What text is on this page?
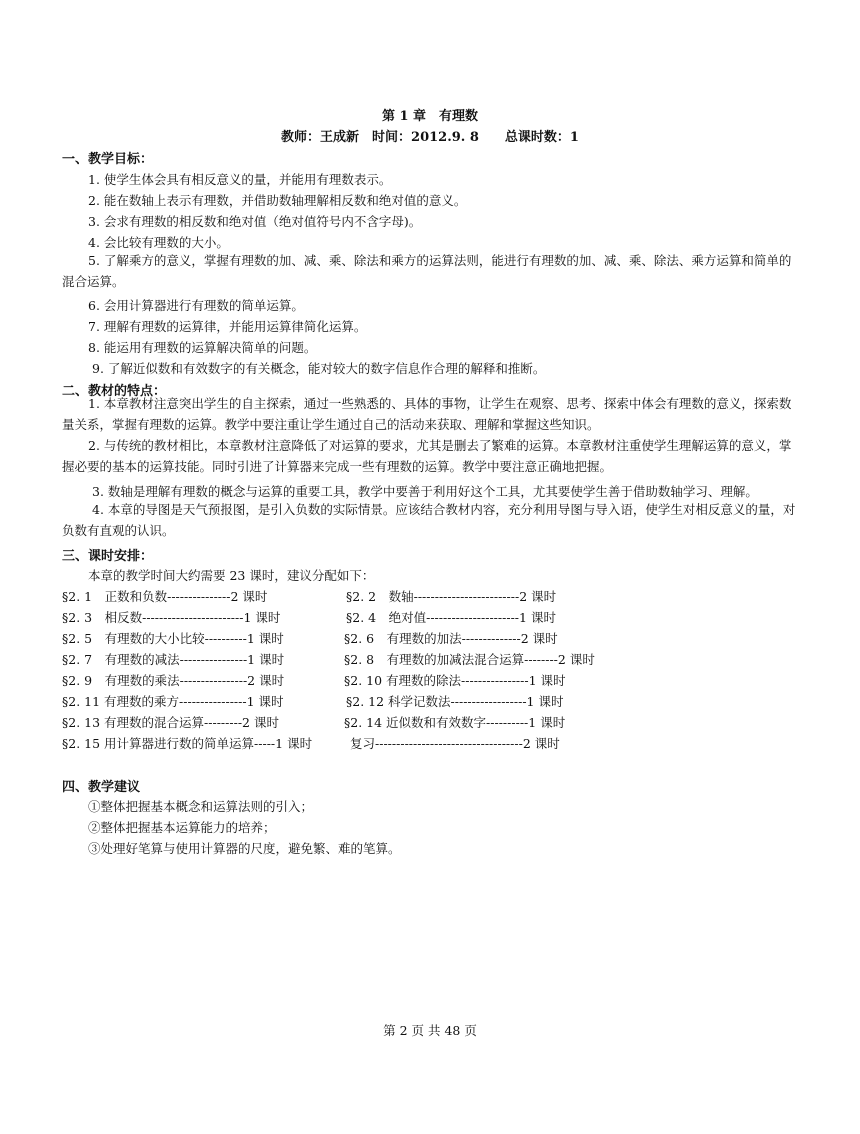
第 1 章　有理数
教师：王成新　时间：2012.9. 8　　总课时数：1
一、教学目标：
1. 使学生体会具有相反意义的量，并能用有理数表示。
2. 能在数轴上表示有理数，并借助数轴理解相反数和绝对值的意义。
3. 会求有理数的相反数和绝对值（绝对值符号内不含字母)。
4. 会比较有理数的大小。
5. 了解乘方的意义，掌握有理数的加、减、乘、除法和乘方的运算法则，能进行有理数的加、减、乘、除法、乘方运算和简单的混合运算。
6. 会用计算器进行有理数的简单运算。
7. 理解有理数的运算律，并能用运算律简化运算。
8. 能运用有理数的运算解决简单的问题。
9. 了解近似数和有效数字的有关概念，能对较大的数字信息作合理的解释和推断。
二、教材的特点：
1. 本章教材注意突出学生的自主探索，通过一些熟悉的、具体的事物，让学生在观察、思考、探索中体会有理数的意义，探索数量关系，掌握有理数的运算。教学中要注重让学生通过自己的活动来获取、理解和掌握这些知识。
2. 与传统的教材相比，本章教材注意降低了对运算的要求，尤其是删去了繁难的运算。本章教材注重使学生理解运算的意义，掌握必要的基本的运算技能。同时引进了计算器来完成一些有理数的运算。教学中要注意正确地把握。
3. 数轴是理解有理数的概念与运算的重要工具，教学中要善于利用好这个工具，尤其要使学生善于借助数轴学习、理解。
4. 本章的导图是天气预报图，是引入负数的实际情景。应该结合教材内容，充分利用导图与导入语，使学生对相反意义的量，对负数有直观的认识。
三、课时安排：
本章的教学时间大约需要 23 课时，建议分配如下：
§2. 1　正数和负数---------------2 课时	§2. 2　数轴-------------------------2 课时
§2. 3　相反数------------------------1 课时	§2. 4　绝对值----------------------1 课时
§2. 5　有理数的大小比较----------1 课时	§2. 6　有理数的加法--------------2 课时
§2. 7　有理数的减法----------------1 课时	§2. 8　有理数的加减法混合运算--------2 课时
§2. 9　有理数的乘法----------------2 课时	§2. 10 有理数的除法----------------1 课时
§2. 11 有理数的乘方----------------1 课时	§2. 12 科学记数法------------------1 课时
§2. 13 有理数的混合运算---------2 课时	§2. 14 近似数和有效数字----------1 课时
§2. 15 用计算器进行数的简单运算-----1 课时	复习-----------------------------------2 课时
四、教学建议
①整体把握基本概念和运算法则的引入；
②整体把握基本运算能力的培养；
③处理好笔算与使用计算器的尺度，避免繁、难的笔算。
第 2 页 共 48 页
